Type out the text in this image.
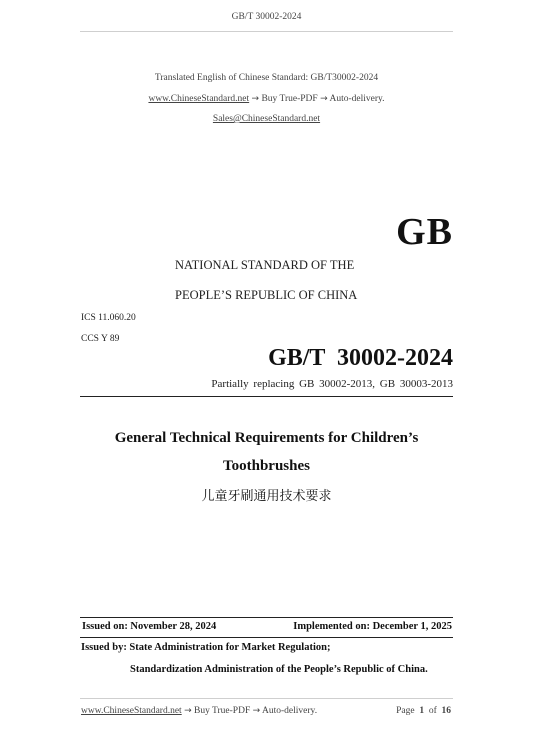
GB/T 30002-2024
Translated English of Chinese Standard: GB/T30002-2024
www.ChineseStandard.net → Buy True-PDF → Auto-delivery.
Sales@ChineseStandard.net
GB
NATIONAL STANDARD OF THE
PEOPLE’S REPUBLIC OF CHINA
ICS 11.060.20
CCS Y 89
GB/T  30002-2024
Partially replacing GB 30002-2013, GB 30003-2013
General Technical Requirements for Children’s
Toothbrushes
儿童牙刷通用技术要求
Issued on: November 28, 2024	Implemented on: December 1, 2025
Issued by: State Administration for Market Regulation;
Standardization Administration of the People’s Republic of China.
www.ChineseStandard.net → Buy True-PDF → Auto-delivery.	Page 1 of 16
